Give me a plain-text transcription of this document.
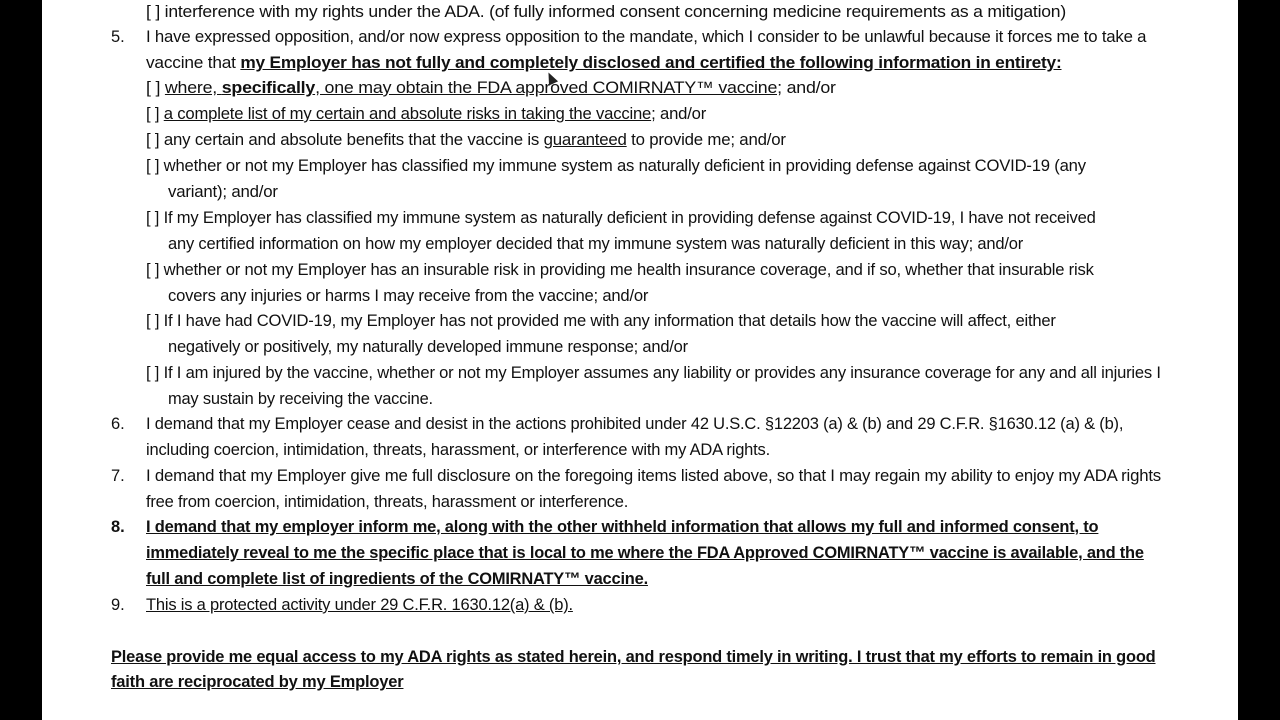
[ ] interference with my rights under the ADA. (of fully informed consent concerning medicine requirements as a mitigation)
5. I have expressed opposition, and/or now express opposition to the mandate, which I consider to be unlawful because it forces me to take a
vaccine that my Employer has not fully and completely disclosed and certified the following information in entirety:
[ ] where, specifically, one may obtain the FDA approved COMIRNATY™ vaccine; and/or
[ ] a complete list of my certain and absolute risks in taking the vaccine; and/or
[ ] any certain and absolute benefits that the vaccine is guaranteed to provide me; and/or
[ ] whether or not my Employer has classified my immune system as naturally deficient in providing defense against COVID-19 (any
variant); and/or
[ ] If my Employer has classified my immune system as naturally deficient in providing defense against COVID-19, I have not received
any certified information on how my employer decided that my immune system was naturally deficient in this way; and/or
[ ] whether or not my Employer has an insurable risk in providing me health insurance coverage, and if so, whether that insurable risk
covers any injuries or harms I may receive from the vaccine; and/or
[ ] If I have had COVID-19, my Employer has not provided me with any information that details how the vaccine will affect, either
negatively or positively, my naturally developed immune response; and/or
[ ] If I am injured by the vaccine, whether or not my Employer assumes any liability or provides any insurance coverage for any and all injuries I
may sustain by receiving the vaccine.
6. I demand that my Employer cease and desist in the actions prohibited under 42 U.S.C. §12203 (a) & (b) and 29 C.F.R. §1630.12 (a) & (b),
including coercion, intimidation, threats, harassment, or interference with my ADA rights.
7. I demand that my Employer give me full disclosure on the foregoing items listed above, so that I may regain my ability to enjoy my ADA rights
free from coercion, intimidation, threats, harassment or interference.
8. I demand that my employer inform me, along with the other withheld information that allows my full and informed consent, to
immediately reveal to me the specific place that is local to me where the FDA Approved COMIRNATY™ vaccine is available, and the
full and complete list of ingredients of the COMIRNATY™ vaccine.
9. This is a protected activity under 29 C.F.R. 1630.12(a) & (b).
Please provide me equal access to my ADA rights as stated herein, and respond timely in writing. I trust that my efforts to remain in good
faith are reciprocated by my Employer
